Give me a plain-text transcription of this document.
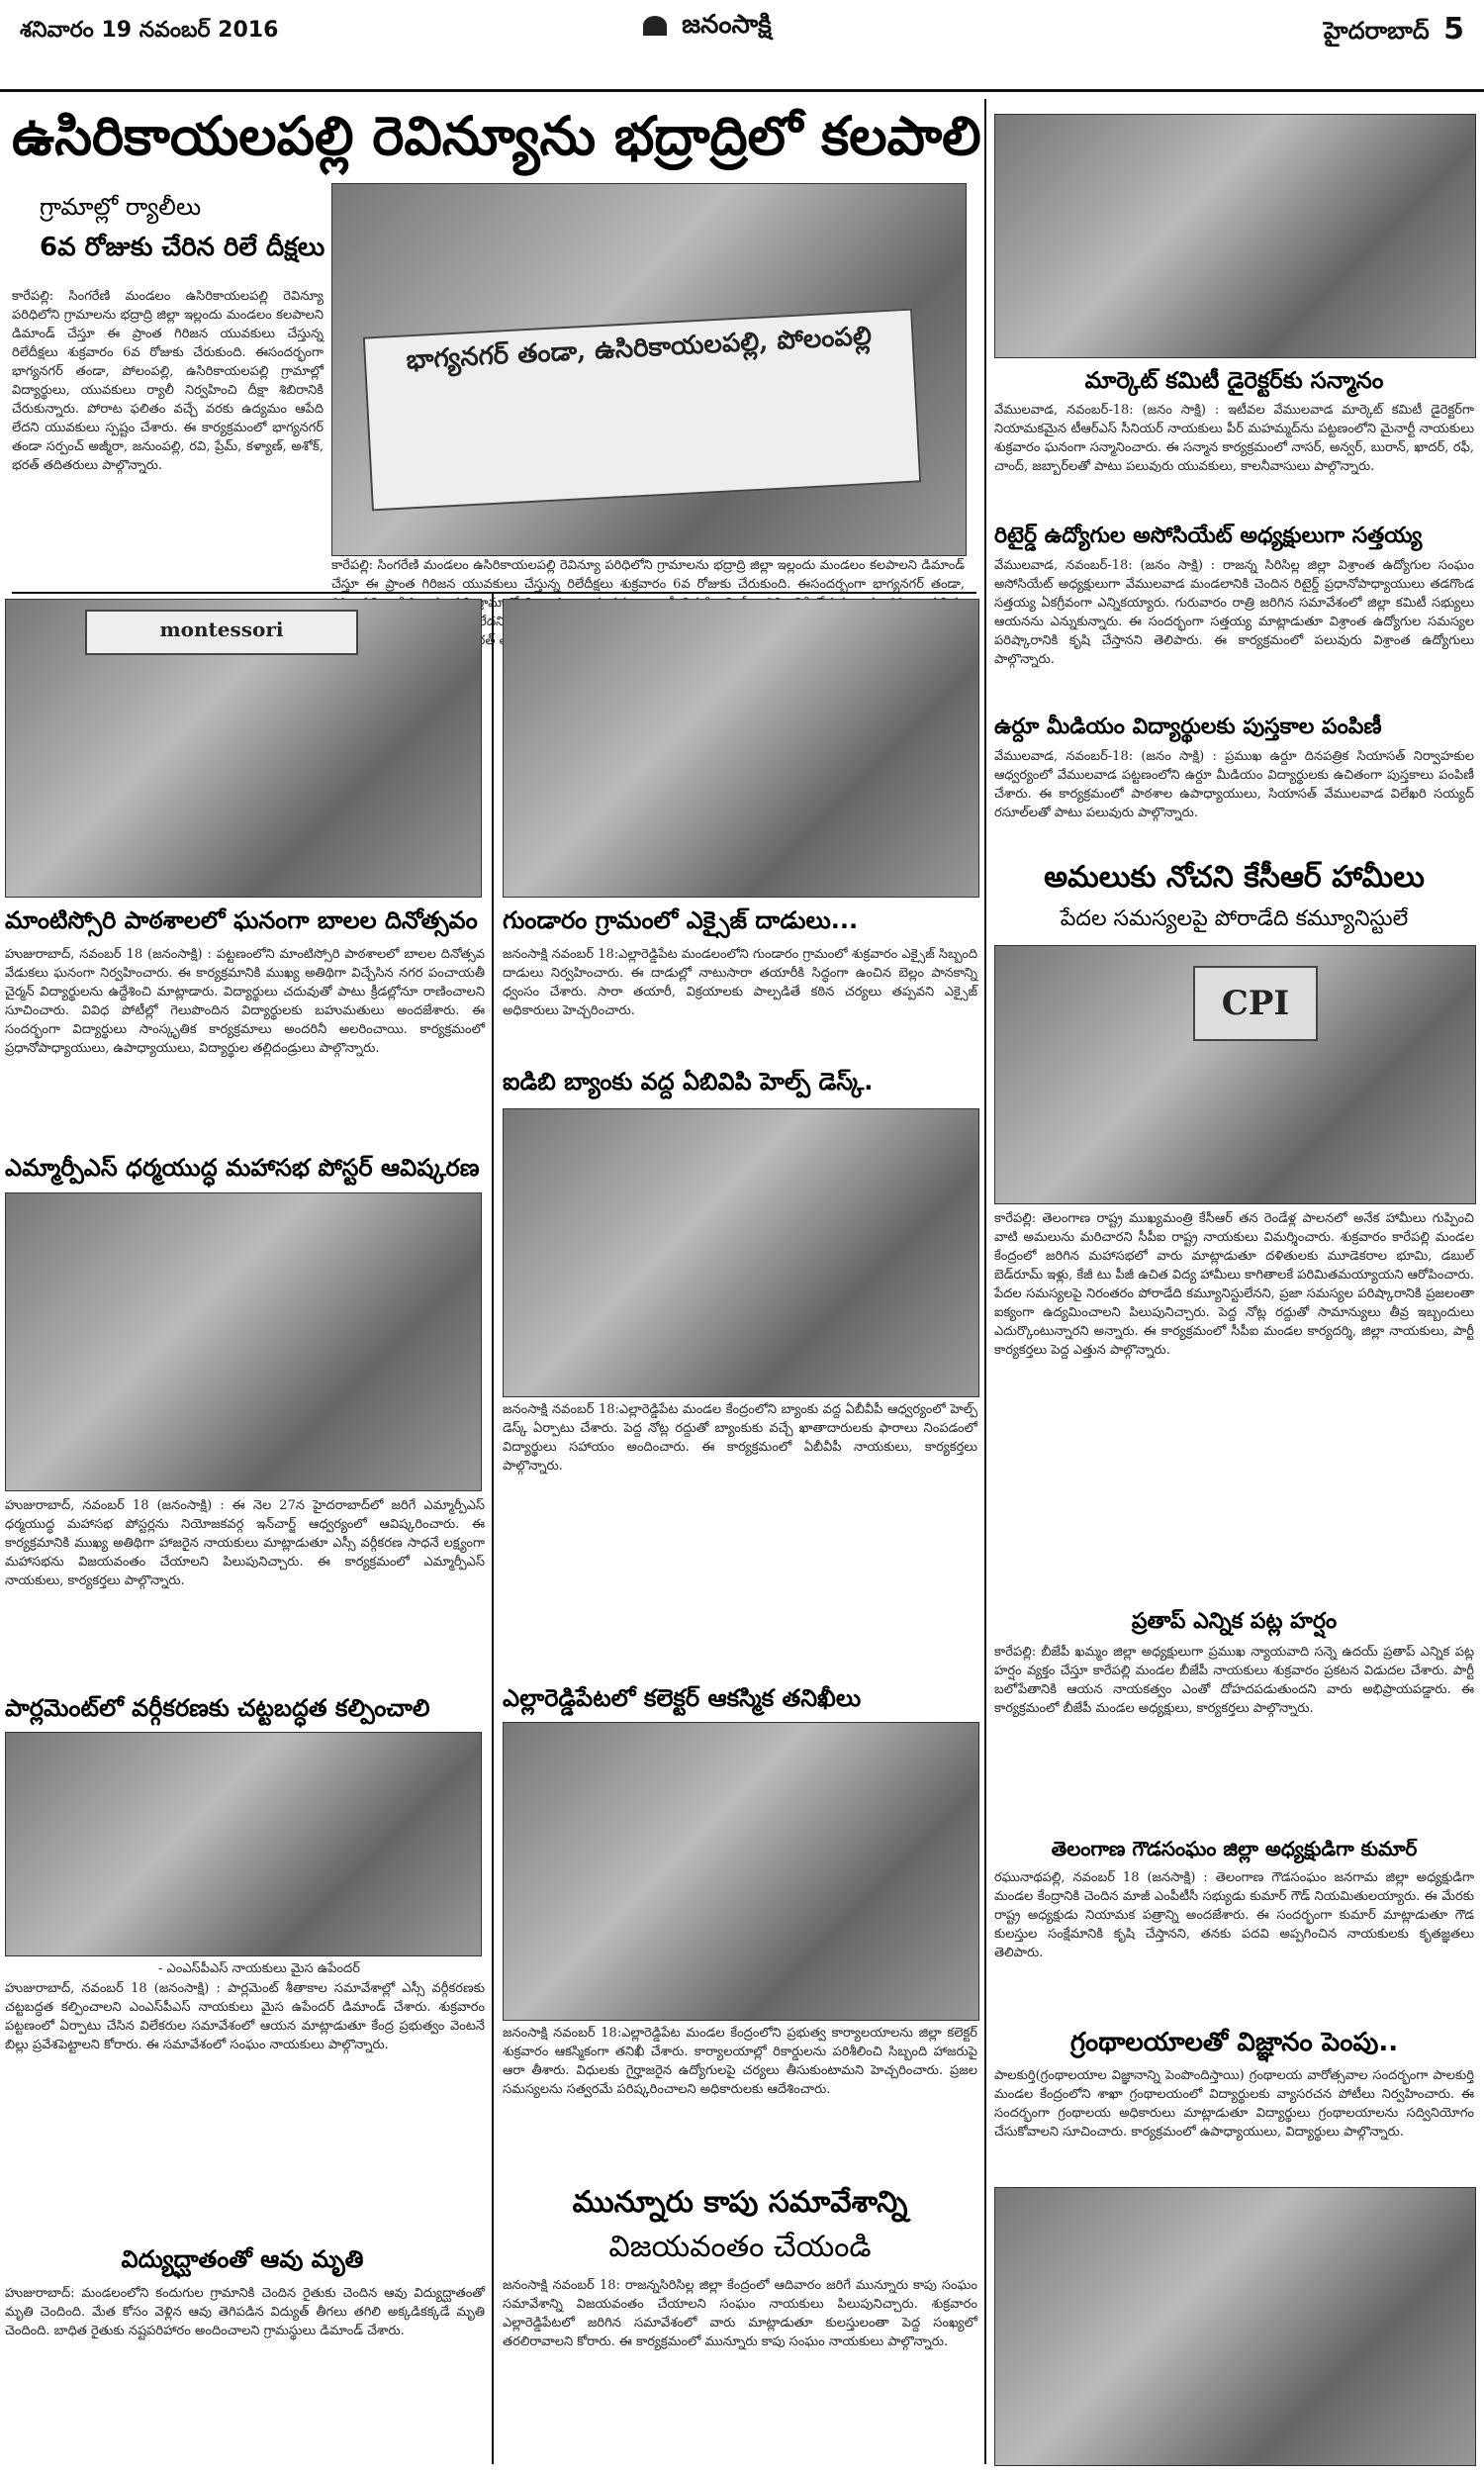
శనివారం 19 నవంబర్ 2016	జనంసాక్షి	హైదరాబాద్ 5
ఉసిరికాయలపల్లి రెవిన్యూను భద్రాద్రిలో కలపాలి
గ్రామాల్లో ర్యాలీలు
6వ రోజుకు చేరిన రిలే దీక్షలు
కారేపల్లి: సింగరేణి మండలం ఉసిరికాయలపల్లి రెవిన్యూ పరిధిలోని గ్రామాలను భద్రాద్రి జిల్లా ఇల్లందు మండలం కలపాలని డిమాండ్ చేస్తూ ఈ ప్రాంత గిరిజన యువకులు చేస్తున్న రిలేదీక్షలు శుక్రవారం 6వ రోజుకు చేరుకుంది. ఈసందర్భంగా భాగ్యనగర్ తండా, పోలంపల్లి, ఉసిరికాయలపల్లి గ్రామాల్లో విద్యార్థులు, యువకులు ర్యాలీ నిర్వహించి దీక్షా శిబిరానికి చేరుకున్నారు. పోరాట ఫలితం వచ్చే వరకు ఉద్యమం ఆపేది లేదని యువకులు స్పష్టం చేశారు. ఈ కార్యక్రమంలో భాగ్యనగర్ తండా సర్పంచ్ అజ్మీరా, జనుంపల్లి, రవి, ప్రేమ్, కళ్యాణ్, అశోక్, భరత్ తదితరులు పాల్గొన్నారు.
భాగ్యనగర్ తండా, ఉసిరికాయలపల్లి, పోలంపల్లి
కారేపల్లి: సింగరేణి మండలం ఉసిరికాయలపల్లి రెవిన్యూ పరిధిలోని గ్రామాలను భద్రాద్రి జిల్లా ఇల్లందు మండలం కలపాలని డిమాండ్ చేస్తూ ఈ ప్రాంత గిరిజన యువకులు చేస్తున్న రిలేదీక్షలు శుక్రవారం 6వ రోజుకు చేరుకుంది. ఈసందర్భంగా భాగ్యనగర్ తండా, గ్రామాల్లో
montessori
మాంటిస్సోరి పాఠశాలలో ఘనంగా బాలల దినోత్సవం
హుజురాబాద్, నవంబర్ 18 (జనంసాక్షి) : పట్టణంలోని మాంటిస్సోరి పాఠశాలలో బాలల దినోత్సవ వేడుకలు ఘనంగా నిర్వహించారు. ఈ కార్యక్రమానికి ముఖ్య అతిథిగా విచ్చేసిన నగర పంచాయతీ చైర్మన్ విద్యార్థులను ఉద్దేశించి మాట్లాడారు. విద్యార్థులు చదువుతో పాటు క్రీడల్లోనూ రాణించాలని సూచించారు. వివిధ పోటీల్లో గెలుపొందిన విద్యార్థులకు బహుమతులు అందజేశారు. ఈ సందర్భంగా విద్యార్థులు సాంస్కృతిక కార్యక్రమాలు అందరినీ అలరించాయి. కార్యక్రమంలో ప్రధానోపాధ్యాయులు, ఉపాధ్యాయులు, విద్యార్థుల తల్లిదండ్రులు పాల్గొన్నారు.
ఎమ్మార్పీఎస్ ధర్మయుద్ధ మహాసభ పోస్టర్ ఆవిష్కరణ
హుజురాబాద్, నవంబర్ 18 (జనంసాక్షి) : ఈ నెల 27న హైదరాబాద్‌లో జరిగే ఎమ్మార్పీఎస్ ధర్మయుద్ధ మహాసభ పోస్టర్లను నియోజకవర్గ ఇన్‌చార్జ్ ఆధ్వర్యంలో ఆవిష్కరించారు. ఈ కార్యక్రమానికి ముఖ్య అతిథిగా హాజరైన నాయకులు మాట్లాడుతూ ఎస్సీ వర్గీకరణ సాధనే లక్ష్యంగా మహాసభను విజయవంతం చేయాలని పిలుపునిచ్చారు. ఈ కార్యక్రమంలో ఎమ్మార్పీఎస్ నాయకులు, కార్యకర్తలు పాల్గొన్నారు.
పార్లమెంట్‌లో వర్గీకరణకు చట్టబద్ధత కల్పించాలి
- ఎంఎస్‌పీఎస్ నాయకులు మైస ఉపేందర్
హుజురాబాద్, నవంబర్ 18 (జనంసాక్షి) : పార్లమెంట్ శీతాకాల సమావేశాల్లో ఎస్సీ వర్గీకరణకు చట్టబద్ధత కల్పించాలని ఎంఎస్‌పీఎస్ నాయకులు మైస ఉపేందర్ డిమాండ్ చేశారు. శుక్రవారం పట్టణంలో ఏర్పాటు చేసిన విలేకరుల సమావేశంలో ఆయన మాట్లాడుతూ కేంద్ర ప్రభుత్వం వెంటనే బిల్లు ప్రవేశపెట్టాలని కోరారు. ఈ సమావేశంలో సంఘం నాయకులు పాల్గొన్నారు.
విద్యుద్ఘాతంతో ఆవు మృతి
హుజురాబాద్: మండలంలోని కందుగుల గ్రామానికి చెందిన రైతుకు చెందిన ఆవు విద్యుద్ఘాతంతో మృతి చెందింది. మేత కోసం వెళ్లిన ఆవు తెగిపడిన విద్యుత్ తీగలు తగిలి అక్కడికక్కడే మృతి చెందింది. బాధిత రైతుకు నష్టపరిహారం అందించాలని గ్రామస్థులు డిమాండ్ చేశారు.
గుండారం గ్రామంలో ఎక్సైజ్ దాడులు...
జనంసాక్షి నవంబర్ 18:ఎల్లారెడ్డిపేట మండలంలోని గుండారం గ్రామంలో శుక్రవారం ఎక్సైజ్ సిబ్బంది దాడులు నిర్వహించారు. ఈ దాడుల్లో నాటుసారా తయారీకి సిద్ధంగా ఉంచిన బెల్లం పానకాన్ని ధ్వంసం చేశారు. సారా తయారీ, విక్రయాలకు పాల్పడితే కఠిన చర్యలు తప్పవని ఎక్సైజ్ అధికారులు హెచ్చరించారు.
ఐడిబి బ్యాంకు వద్ద ఏబివిపి హెల్ప్ డెస్క్.
జనంసాక్షి నవంబర్ 18:ఎల్లారెడ్డిపేట మండల కేంద్రంలోని బ్యాంకు వద్ద ఏబీవీపీ ఆధ్వర్యంలో హెల్ప్ డెస్క్ ఏర్పాటు చేశారు. పెద్ద నోట్ల రద్దుతో బ్యాంకుకు వచ్చే ఖాతాదారులకు ఫారాలు నింపడంలో విద్యార్థులు సహాయం అందించారు. ఈ కార్యక్రమంలో ఏబీవీపీ నాయకులు, కార్యకర్తలు పాల్గొన్నారు.
ఎల్లారెడ్డిపేటలో కలెక్టర్ ఆకస్మిక తనిఖీలు
జనంసాక్షి నవంబర్ 18:ఎల్లారెడ్డిపేట మండల కేంద్రంలోని ప్రభుత్వ కార్యాలయాలను జిల్లా కలెక్టర్ శుక్రవారం ఆకస్మికంగా తనిఖీ చేశారు. కార్యాలయాల్లో రికార్డులను పరిశీలించి సిబ్బంది హాజరుపై ఆరా తీశారు. విధులకు గైర్హాజరైన ఉద్యోగులపై చర్యలు తీసుకుంటామని హెచ్చరించారు. ప్రజల సమస్యలను సత్వరమే పరిష్కరించాలని అధికారులకు ఆదేశించారు.
మున్నూరు కాపు సమావేశాన్ని
విజయవంతం చేయండి
జనంసాక్షి నవంబర్ 18: రాజన్నసిరిసిల్ల జిల్లా కేంద్రంలో ఆదివారం జరిగే మున్నూరు కాపు సంఘం సమావేశాన్ని విజయవంతం చేయాలని సంఘం నాయకులు పిలుపునిచ్చారు. శుక్రవారం ఎల్లారెడ్డిపేటలో జరిగిన సమావేశంలో వారు మాట్లాడుతూ కులస్తులంతా పెద్ద సంఖ్యలో తరలిరావాలని కోరారు. ఈ కార్యక్రమంలో మున్నూరు కాపు సంఘం నాయకులు పాల్గొన్నారు.
మార్కెట్ కమిటీ డైరెక్టర్‌కు సన్మానం
వేములవాడ, నవంబర్-18: (జనం సాక్షి) : ఇటీవల వేములవాడ మార్కెట్ కమిటీ డైరెక్టర్‌గా నియామకమైన టీఆర్ఎస్ సీనియర్ నాయకులు పీర్ మహమ్మద్‌ను పట్టణంలోని మైనార్టీ నాయకులు శుక్రవారం ఘనంగా సన్మానించారు. ఈ సన్మాన కార్యక్రమంలో నాసర్, అన్వర్, బురాన్, ఖాదర్, రఫీ, చాంద్, జబ్బార్‌లతో పాటు పలువురు యువకులు, కాలనీవాసులు పాల్గొన్నారు.
రిటైర్డ్ ఉద్యోగుల అసోసియేట్ అధ్యక్షులుగా సత్తయ్య
వేములవాడ, నవంబర్-18: (జనం సాక్షి) : రాజన్న సిరిసిల్ల జిల్లా విశ్రాంత ఉద్యోగుల సంఘం అసోసియేట్ అధ్యక్షులుగా వేములవాడ మండలానికి చెందిన రిటైర్డ్ ప్రధానోపాధ్యాయులు తడగొండ సత్తయ్య ఏకగ్రీవంగా ఎన్నికయ్యారు. గురువారం రాత్రి జరిగిన సమావేశంలో జిల్లా కమిటీ సభ్యులు ఆయనను ఎన్నుకున్నారు. ఈ సందర్భంగా సత్తయ్య మాట్లాడుతూ విశ్రాంత ఉద్యోగుల సమస్యల పరిష్కారానికి కృషి చేస్తానని తెలిపారు. ఈ కార్యక్రమంలో పలువురు విశ్రాంత ఉద్యోగులు పాల్గొన్నారు.
ఉర్దూ మీడియం విద్యార్థులకు పుస్తకాల పంపిణీ
వేములవాడ, నవంబర్-18: (జనం సాక్షి) : ప్రముఖ ఉర్దూ దినపత్రిక సియాసత్ నిర్వాహకుల ఆధ్వర్యంలో వేములవాడ పట్టణంలోని ఉర్దూ మీడియం విద్యార్థులకు ఉచితంగా పుస్తకాలు పంపిణీ చేశారు. ఈ కార్యక్రమంలో పాఠశాల ఉపాధ్యాయులు, సియాసత్ వేములవాడ విలేఖరి సయ్యద్ రసూల్‌లతో పాటు పలువురు పాల్గొన్నారు.
అమలుకు నోచని కేసీఆర్ హామీలు
పేదల సమస్యలపై పోరాడేది కమ్యూనిస్టులే
CPI
కారేపల్లి: తెలంగాణ రాష్ట్ర ముఖ్యమంత్రి కేసీఆర్ తన రెండేళ్ల పాలనలో అనేక హామీలు గుప్పించి వాటి అమలును మరిచారని సీపీఐ రాష్ట్ర నాయకులు విమర్శించారు. శుక్రవారం కారేపల్లి మండల కేంద్రంలో జరిగిన మహాసభలో వారు మాట్లాడుతూ దళితులకు మూడెకరాల భూమి, డబుల్ బెడ్‌రూమ్ ఇళ్లు, కేజీ టు పీజీ ఉచిత విద్య హామీలు కాగితాలకే పరిమితమయ్యాయని ఆరోపించారు. పేదల సమస్యలపై నిరంతరం పోరాడేది కమ్యూనిస్టులేనని, ప్రజా సమస్యల పరిష్కారానికి ప్రజలంతా ఐక్యంగా ఉద్యమించాలని పిలుపునిచ్చారు. పెద్ద నోట్ల రద్దుతో సామాన్యులు తీవ్ర ఇబ్బందులు ఎదుర్కొంటున్నారని అన్నారు. ఈ కార్యక్రమంలో సీపీఐ మండల కార్యదర్శి, జిల్లా నాయకులు, పార్టీ కార్యకర్తలు పెద్ద ఎత్తున పాల్గొన్నారు.
ప్రతాప్ ఎన్నిక పట్ల హర్షం
కారేపల్లి: బీజేపీ ఖమ్మం జిల్లా అధ్యక్షులుగా ప్రముఖ న్యాయవాది సన్నె ఉదయ్ ప్రతాప్ ఎన్నిక పట్ల హర్షం వ్యక్తం చేస్తూ కారేపల్లి మండల బీజేపీ నాయకులు శుక్రవారం ప్రకటన విడుదల చేశారు. పార్టీ బలోపేతానికి ఆయన నాయకత్వం ఎంతో దోహదపడుతుందని వారు అభిప్రాయపడ్డారు. ఈ కార్యక్రమంలో బీజేపీ మండల అధ్యక్షులు, కార్యకర్తలు పాల్గొన్నారు.
తెలంగాణ గౌడసంఘం జిల్లా అధ్యక్షుడిగా కుమార్
రఘునాథపల్లి, నవంబర్ 18 (జనసాక్షి) : తెలంగాణ గౌడసంఘం జనగామ జిల్లా అధ్యక్షుడిగా మండల కేంద్రానికి చెందిన మాజీ ఎంపీటీసీ సభ్యుడు కుమార్ గౌడ్ నియమితులయ్యారు. ఈ మేరకు రాష్ట్ర అధ్యక్షుడు నియామక పత్రాన్ని అందజేశారు. ఈ సందర్భంగా కుమార్ మాట్లాడుతూ గౌడ కులస్తుల సంక్షేమానికి కృషి చేస్తానని, తనకు పదవి అప్పగించిన నాయకులకు కృతజ్ఞతలు తెలిపారు.
గ్రంథాలయాలతో విజ్ఞానం పెంపు..
పాలకుర్తి(గ్రంథాలయాల విజ్ఞానాన్ని పెంపొందిస్తాయి) గ్రంథాలయ వారోత్సవాల సందర్భంగా పాలకుర్తి మండల కేంద్రంలోని శాఖా గ్రంథాలయంలో విద్యార్థులకు వ్యాసరచన పోటీలు నిర్వహించారు. ఈ సందర్భంగా గ్రంథాలయ అధికారులు మాట్లాడుతూ విద్యార్థులు గ్రంథాలయాలను సద్వినియోగం చేసుకోవాలని సూచించారు. కార్యక్రమంలో ఉపాధ్యాయులు, విద్యార్థులు పాల్గొన్నారు.
